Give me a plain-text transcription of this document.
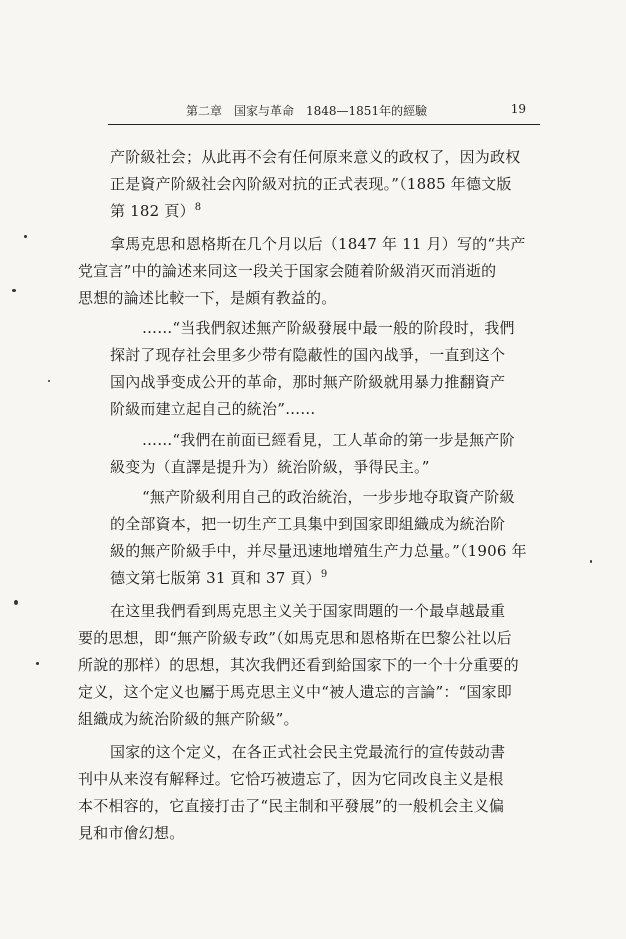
第二章　国家与革命　1848—1851年的經驗	19
产阶級社会；从此再不会有任何原来意义的政权了，因为政权
正是資产阶級社会內阶級对抗的正式表现。”（1885 年德文版
第 182 頁）$^8$
拿馬克思和恩格斯在几个月以后（1847 年 11 月）写的“共产
党宣言”中的論述来同这一段关于国家会随着阶級消灭而消逝的
思想的論述比較一下，是頗有教益的。
……“当我們叙述無产阶級發展中最一般的阶段时，我們
探討了现存社会里多少带有隐蔽性的国內战爭，一直到这个
国內战爭变成公开的革命，那时無产阶級就用暴力推翻資产
阶級而建立起自己的統治”……
……“我們在前面已經看見，工人革命的第一步是無产阶
級变为（直譯是提升为）統治阶級，爭得民主。”
“無产阶級利用自己的政治統治，一步步地夺取資产阶級
的全部資本，把一切生产工具集中到国家即組織成为統治阶
級的無产阶級手中，并尽量迅速地增殖生产力总量。”（1906 年
德文第七版第 31 頁和 37 頁）$^9$
在这里我們看到馬克思主义关于国家問題的一个最卓越最重
要的思想，即“無产阶級专政”（如馬克思和恩格斯在巴黎公社以后
所說的那样）的思想，其次我們还看到給国家下的一个十分重要的
定义，这个定义也屬于馬克思主义中“被人遺忘的言論”：“国家即
組織成为統治阶級的無产阶級”。
国家的这个定义，在各正式社会民主党最流行的宣传鼓动書
刊中从来沒有解释过。它恰巧被遗忘了，因为它同改良主义是根
本不相容的，它直接打击了“民主制和平發展”的一般机会主义偏
見和市儈幻想。
